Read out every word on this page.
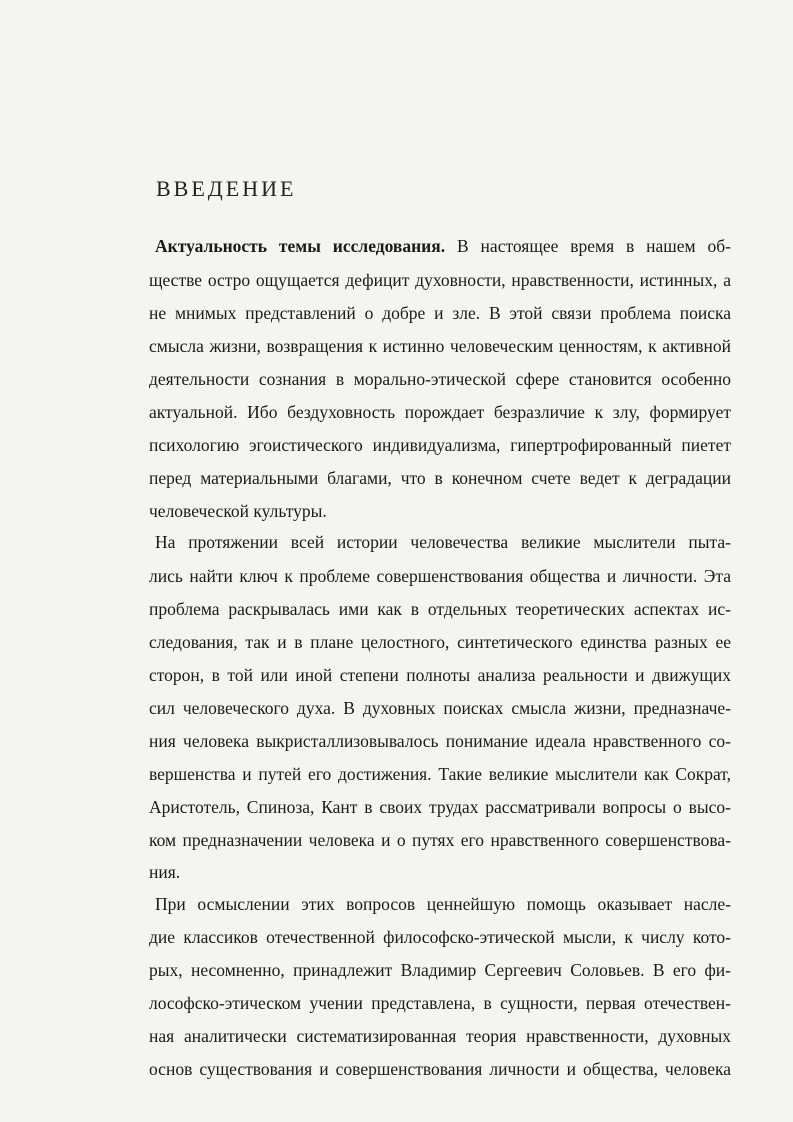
ВВЕДЕНИЕ
Актуальность темы исследования. В настоящее время в нашем об-
ществе остро ощущается дефицит духовности, нравственности, истинных, а
не мнимых представлений о добре и зле. В этой связи проблема поиска
смысла жизни, возвращения к истинно человеческим ценностям, к активной
деятельности сознания в морально-этической сфере становится особенно
актуальной. Ибо бездуховность порождает безразличие к злу, формирует
психологию эгоистического индивидуализма, гипертрофированный пиетет
перед материальными благами, что в конечном счете ведет к деградации
человеческой культуры.
На протяжении всей истории человечества великие мыслители пыта-
лись найти ключ к проблеме совершенствования общества и личности. Эта
проблема раскрывалась ими как в отдельных теоретических аспектах ис-
следования, так и в плане целостного, синтетического единства разных ее
сторон, в той или иной степени полноты анализа реальности и движущих
сил человеческого духа. В духовных поисках смысла жизни, предназначе-
ния человека выкристаллизовывалось понимание идеала нравственного со-
вершенства и путей его достижения. Такие великие мыслители как Сократ,
Аристотель, Спиноза, Кант в своих трудах рассматривали вопросы о высо-
ком предназначении человека и о путях его нравственного совершенствова-
ния.
При осмыслении этих вопросов ценнейшую помощь оказывает насле-
дие классиков отечественной философско-этической мысли, к числу кото-
рых, несомненно, принадлежит Владимир Сергеевич Соловьев. В его фи-
лософско-этическом учении представлена, в сущности, первая отечествен-
ная аналитически систематизированная теория нравственности, духовных
основ существования и совершенствования личности и общества, человека
